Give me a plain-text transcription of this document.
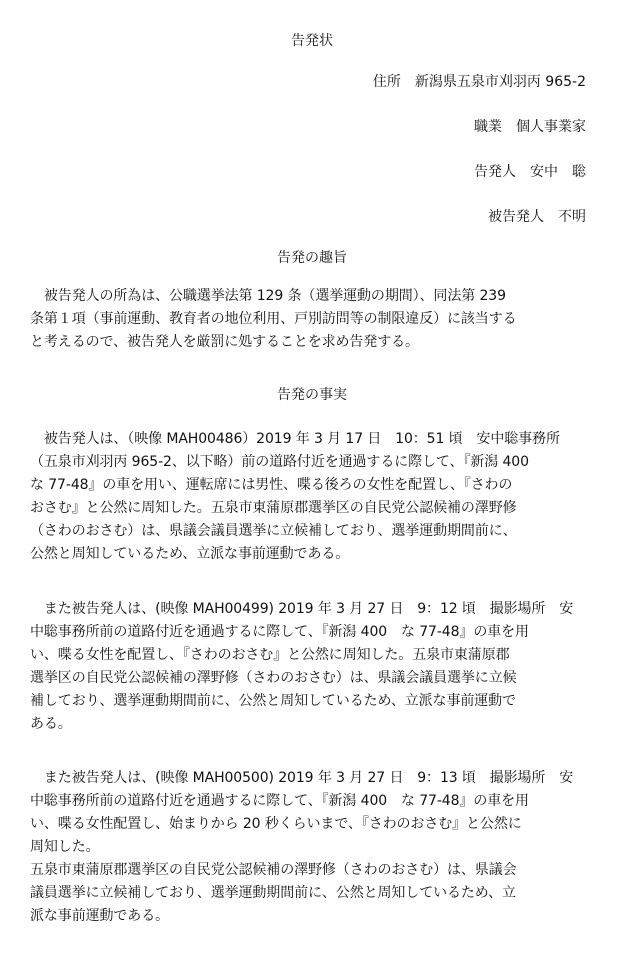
告発状
住所　新潟県五泉市刈羽丙 965-2
職業　個人事業家
告発人　安中　聡
被告発人　不明
告発の趣旨
　被告発人の所為は、公職選挙法第 129 条（選挙運動の期間）、同法第 239
条第１項（事前運動、教育者の地位利用、戸別訪問等の制限違反）に該当する
と考えるので、被告発人を厳罰に処することを求め告発する。
告発の事実
　被告発人は、（映像 MAH00486）2019 年 3 月 17 日　10：51 頃　安中聡事務所
（五泉市刈羽丙 965-2、以下略）前の道路付近を通過するに際して、『新潟 400
な 77-48』の車を用い、運転席には男性、喋る後ろの女性を配置し、『さわの
おさむ』と公然に周知した。五泉市東蒲原郡選挙区の自民党公認候補の澤野修
（さわのおさむ）は、県議会議員選挙に立候補しており、選挙運動期間前に、
公然と周知しているため、立派な事前運動である。
　また被告発人は、(映像 MAH00499) 2019 年 3 月 27 日　9：12 頃　撮影場所　安
中聡事務所前の道路付近を通過するに際して、『新潟 400　な 77-48』の車を用
い、喋る女性を配置し、『さわのおさむ』と公然に周知した。五泉市東蒲原郡
選挙区の自民党公認候補の澤野修（さわのおさむ）は、県議会議員選挙に立候
補しており、選挙運動期間前に、公然と周知しているため、立派な事前運動で
ある。
　また被告発人は、(映像 MAH00500) 2019 年 3 月 27 日　9：13 頃　撮影場所　安
中聡事務所前の道路付近を通過するに際して、『新潟 400　な 77-48』の車を用
い、喋る女性配置し、始まりから 20 秒くらいまで、『さわのおさむ』と公然に
周知した。
五泉市東蒲原郡選挙区の自民党公認候補の澤野修（さわのおさむ）は、県議会
議員選挙に立候補しており、選挙運動期間前に、公然と周知しているため、立
派な事前運動である。
